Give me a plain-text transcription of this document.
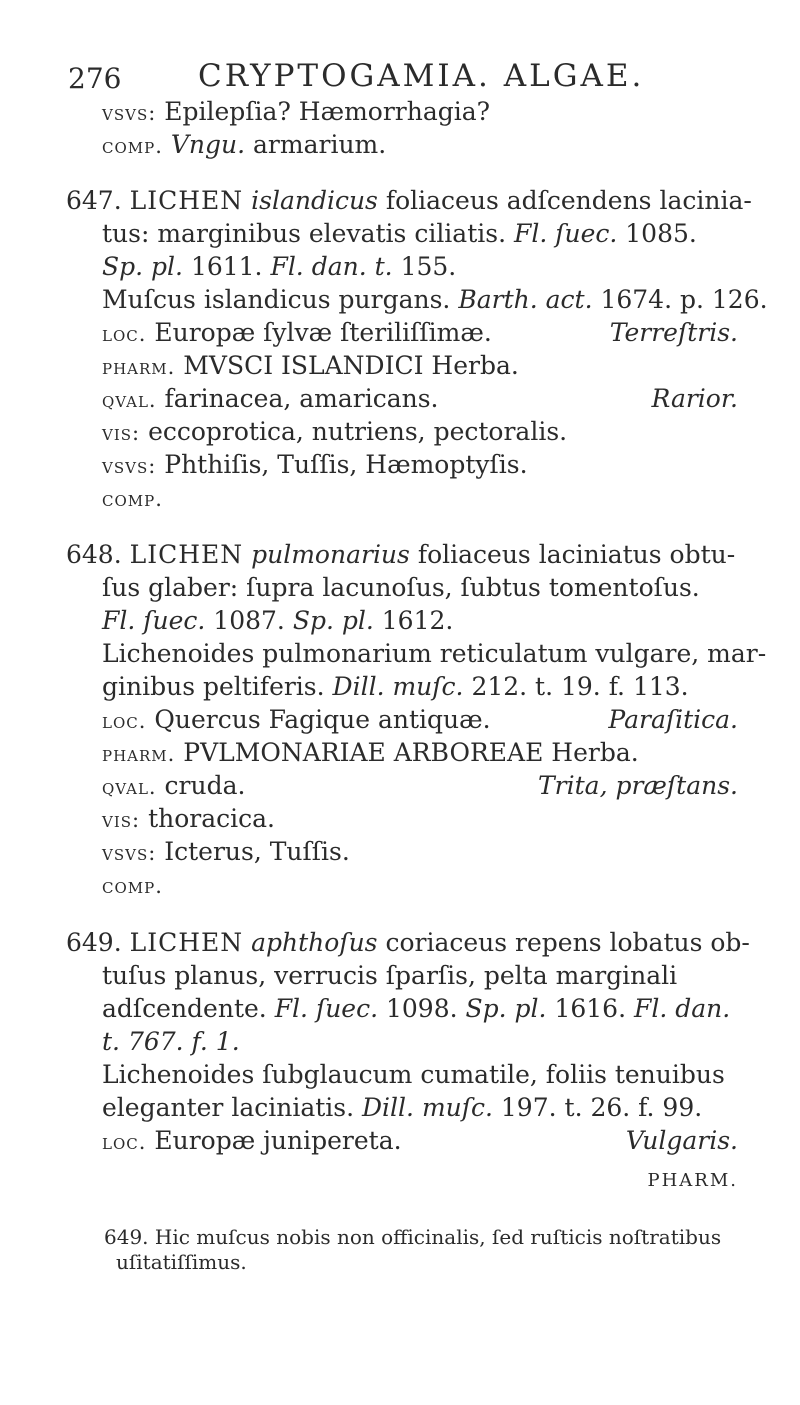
276 CRYPTOGAMIA. ALGAE.
vsvs: Epilepſia? Hæmorrhagia?
comp. Vngu. armarium.
647. LICHEN islandicus foliaceus adſcendens lacinia-
tus: marginibus elevatis ciliatis. Fl. ſuec. 1085.
Sp. pl. 1611. Fl. dan. t. 155.
Muſcus islandicus purgans. Barth. act. 1674. p. 126.
loc. Europæ ſylvæ ſteriliſſimæ.	Terreſtris.
pharm. MVSCI ISLANDICI Herba.
qval. farinacea, amaricans.	Rarior.
vis: eccoprotica, nutriens, pectoralis.
vsvs: Phthiſis, Tuſſis, Hæmoptyſis.
comp.
648. LICHEN pulmonarius foliaceus laciniatus obtu-
ſus glaber: ſupra lacunoſus, ſubtus tomentoſus.
Fl. ſuec. 1087. Sp. pl. 1612.
Lichenoides pulmonarium reticulatum vulgare, mar-
ginibus peltiferis. Dill. muſc. 212. t. 19. f. 113.
loc. Quercus Fagique antiquæ.	Paraſitica.
pharm. PVLMONARIAE ARBOREAE Herba.
qval. cruda.	Trita, præſtans.
vis: thoracica.
vsvs: Icterus, Tuſſis.
comp.
649. LICHEN aphthoſus coriaceus repens lobatus ob-
tuſus planus, verrucis ſparſis, pelta marginali
adſcendente. Fl. ſuec. 1098. Sp. pl. 1616. Fl. dan.
t. 767. f. 1.
Lichenoides ſubglaucum cumatile, foliis tenuibus
eleganter laciniatis. Dill. muſc. 197. t. 26. f. 99.
loc. Europæ junipereta.	Vulgaris.
PHARM.
649. Hic muſcus nobis non officinalis, ſed ruſticis noſtratibus
uſitatiſſimus.
